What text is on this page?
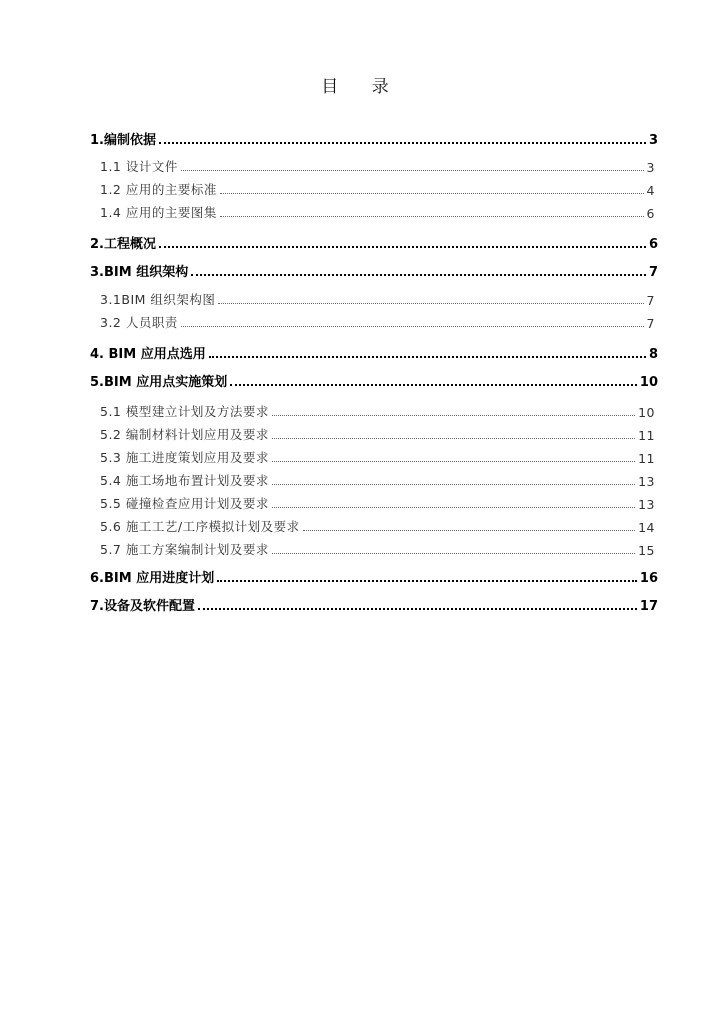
目 录
1.编制依据	3
1.1 设计文件	3
1.2 应用的主要标准	4
1.4 应用的主要图集	6
2.工程概况	6
3.BIM 组织架构	7
3.1BIM 组织架构图	7
3.2 人员职责	7
4. BIM 应用点选用	8
5.BIM 应用点实施策划	10
5.1 模型建立计划及方法要求	10
5.2 编制材料计划应用及要求	11
5.3 施工进度策划应用及要求	11
5.4 施工场地布置计划及要求	13
5.5 碰撞检查应用计划及要求	13
5.6 施工工艺/工序模拟计划及要求	14
5.7 施工方案编制计划及要求	15
6.BIM 应用进度计划	16
7.设备及软件配置	17
